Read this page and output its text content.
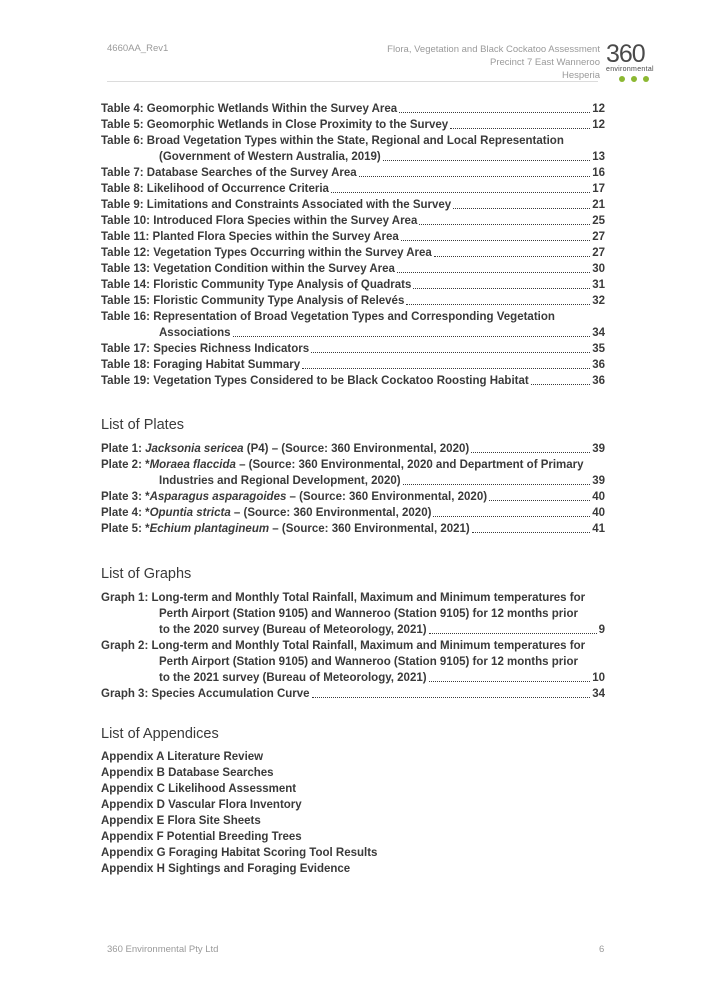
4660AA_Rev1	Flora, Vegetation and Black Cockatoo Assessment
Precinct 7 East Wanneroo
Hesperia
360
environmental
Table 4: Geomorphic Wetlands Within the Survey Area	12
Table 5: Geomorphic Wetlands in Close Proximity to the Survey	12
Table 6: Broad Vegetation Types within the State, Regional and Local Representation
(Government of Western Australia, 2019)	13
Table 7: Database Searches of the Survey Area	16
Table 8: Likelihood of Occurrence Criteria	17
Table 9: Limitations and Constraints Associated with the Survey	21
Table 10: Introduced Flora Species within the Survey Area	25
Table 11: Planted Flora Species within the Survey Area	27
Table 12: Vegetation Types Occurring within the Survey Area	27
Table 13: Vegetation Condition within the Survey Area	30
Table 14: Floristic Community Type Analysis of Quadrats	31
Table 15: Floristic Community Type Analysis of Relevés	32
Table 16: Representation of Broad Vegetation Types and Corresponding Vegetation
Associations	34
Table 17: Species Richness Indicators	35
Table 18: Foraging Habitat Summary	36
Table 19: Vegetation Types Considered to be Black Cockatoo Roosting Habitat	36
List of Plates
Plate 1: Jacksonia sericea (P4) – (Source: 360 Environmental, 2020)	39
Plate 2: *Moraea flaccida – (Source: 360 Environmental, 2020 and Department of Primary
Industries and Regional Development, 2020)	39
Plate 3: *Asparagus asparagoides – (Source: 360 Environmental, 2020)	40
Plate 4: *Opuntia stricta – (Source: 360 Environmental, 2020)	40
Plate 5: *Echium plantagineum – (Source: 360 Environmental, 2021)	41
List of Graphs
Graph 1: Long-term and Monthly Total Rainfall, Maximum and Minimum temperatures for
Perth Airport (Station 9105) and Wanneroo (Station 9105) for 12 months prior
to the 2020 survey (Bureau of Meteorology, 2021)	9
Graph 2: Long-term and Monthly Total Rainfall, Maximum and Minimum temperatures for
Perth Airport (Station 9105) and Wanneroo (Station 9105) for 12 months prior
to the 2021 survey (Bureau of Meteorology, 2021)	10
Graph 3: Species Accumulation Curve	34
List of Appendices
Appendix A Literature Review
Appendix B Database Searches
Appendix C Likelihood Assessment
Appendix D Vascular Flora Inventory
Appendix E Flora Site Sheets
Appendix F Potential Breeding Trees
Appendix G Foraging Habitat Scoring Tool Results
Appendix H Sightings and Foraging Evidence
360 Environmental Pty Ltd	6
